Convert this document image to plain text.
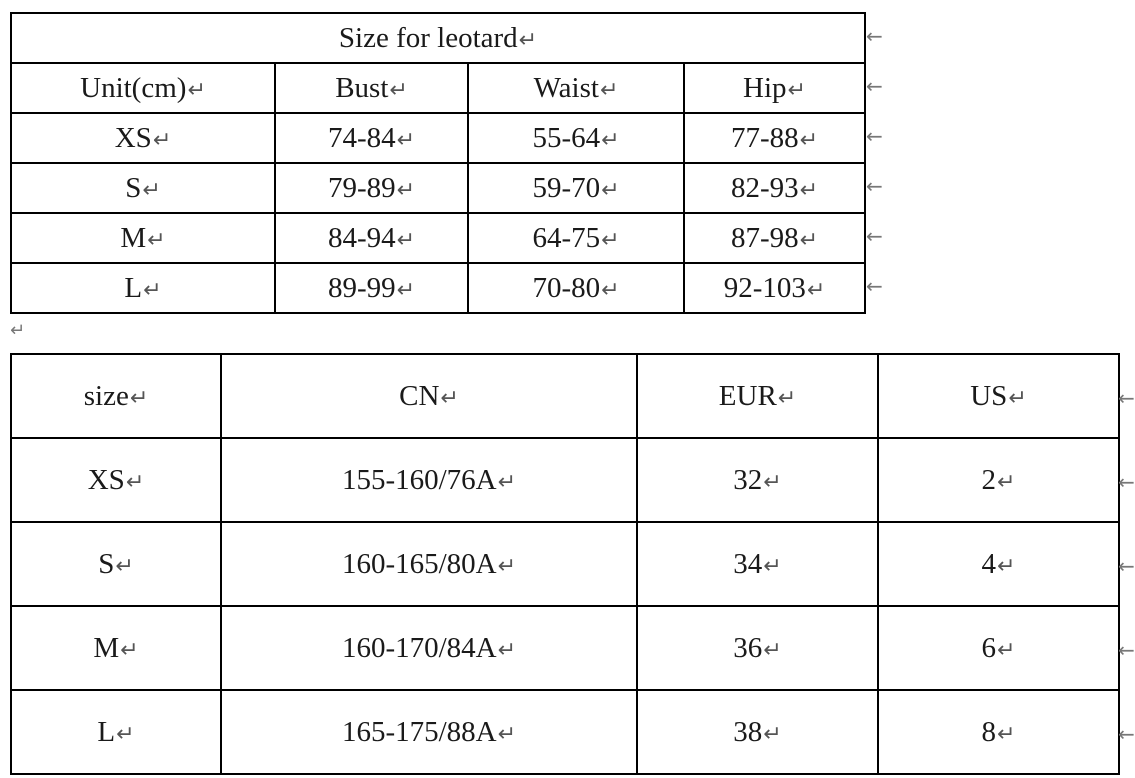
Size for leotard↵			
Unit(cm)↵	Bust↵	Waist↵	Hip↵
XS↵	74-84↵	55-64↵	77-88↵
S↵	79-89↵	59-70↵	82-93↵
M↵	84-94↵	64-75↵	87-98↵
L↵	89-99↵	70-80↵	92-103↵
←
←
←
←
←
←
↵
size↵	CN↵	EUR↵	US↵
XS↵	155-160/76A↵	32↵	2↵
S↵	160-165/80A↵	34↵	4↵
M↵	160-170/84A↵	36↵	6↵
L↵	165-175/88A↵	38↵	8↵
←
←
←
←
←
